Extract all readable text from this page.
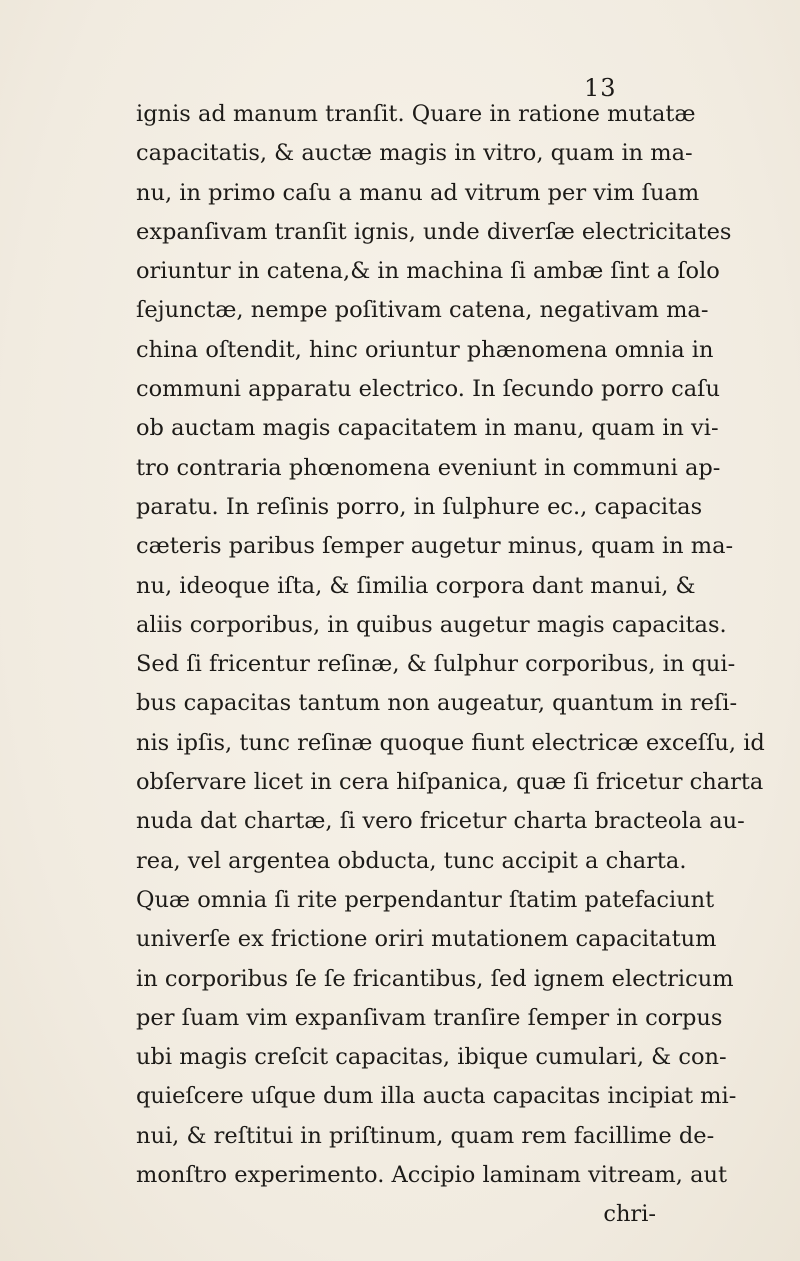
13
ignis ad manum tranſit. Quare in ratione mutatæ
capacitatis, & auctæ magis in vitro, quam in ma-
nu, in primo caſu a manu ad vitrum per vim ſuam
expanſivam tranſit ignis, unde diverſæ electricitates
oriuntur in catena,& in machina ſi ambæ ſint a ſolo
ſejunctæ, nempe poſitivam catena, negativam ma-
china oſtendit, hinc oriuntur phænomena omnia in
communi apparatu electrico. In ſecundo porro caſu
ob auctam magis capacitatem in manu, quam in vi-
tro contraria phœnomena eveniunt in communi ap-
paratu. In reſinis porro, in ſulphure ec., capacitas
cæteris paribus ſemper augetur minus, quam in ma-
nu, ideoque iſta, & ſimilia corpora dant manui, &
aliis corporibus, in quibus augetur magis capacitas.
Sed ſi fricentur reſinæ, & ſulphur corporibus, in qui-
bus capacitas tantum non augeatur, quantum in reſi-
nis ipſis, tunc reſinæ quoque fiunt electricæ exceſſu, id
obſervare licet in cera hiſpanica, quæ ſi fricetur charta
nuda dat chartæ, ſi vero fricetur charta bracteola au-
rea, vel argentea obducta, tunc accipit a charta.
Quæ omnia ſi rite perpendantur ſtatim patefaciunt
univerſe ex frictione oriri mutationem capacitatum
in corporibus ſe ſe fricantibus, ſed ignem electricum
per ſuam vim expanſivam tranſire ſemper in corpus
ubi magis creſcit capacitas, ibique cumulari, & con-
quieſcere uſque dum illa aucta capacitas incipiat mi-
nui, & reſtitui in priſtinum, quam rem facillime de-
monſtro experimento. Accipio laminam vitream, aut
chri-
